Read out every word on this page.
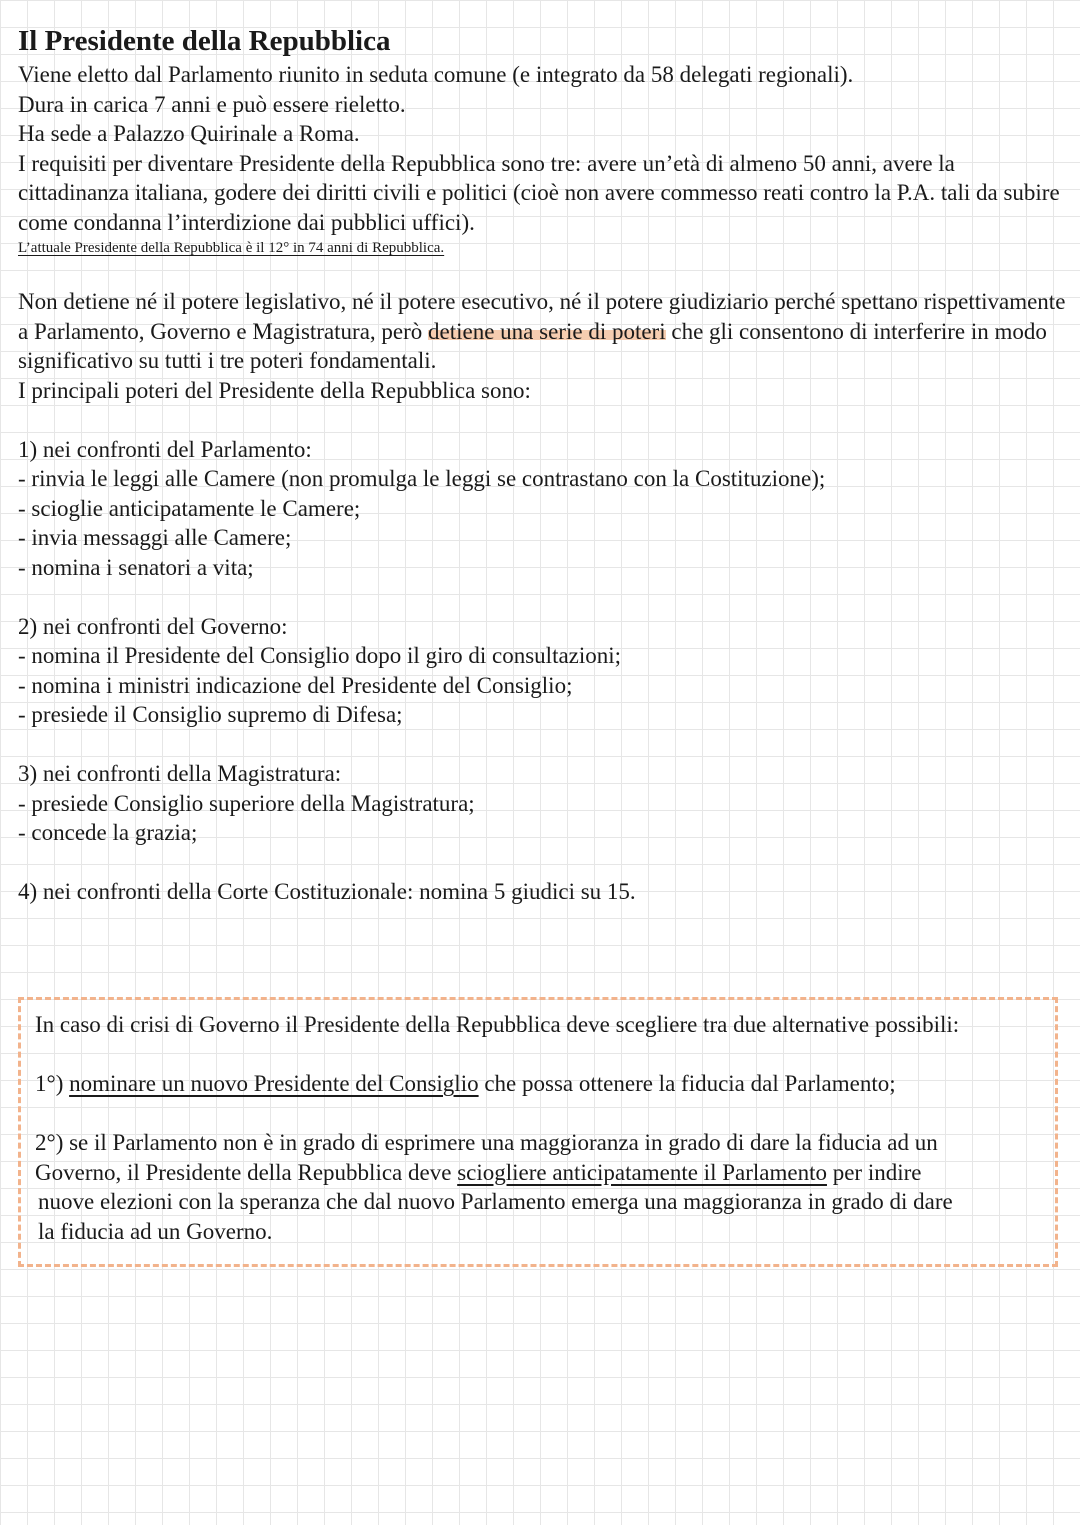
Il Presidente della Repubblica

Viene eletto dal Parlamento riunito in seduta comune (e integrato da 58 delegati regionali).

Dura in carica 7 anni e può essere rieletto.

Ha sede a Palazzo Quirinale a Roma.

I requisiti per diventare Presidente della Repubblica sono tre: avere un’età di almeno 50 anni, avere la cittadinanza italiana, godere dei diritti civili e politici (cioè non avere commesso reati contro la P.A. tali da subire come condanna l’interdizione dai pubblici uffici).

L’attuale Presidente della Repubblica è il 12° in 74 anni di Repubblica.

Non detiene né il potere legislativo, né il potere esecutivo, né il potere giudiziario perché spettano rispettivamente a Parlamento, Governo e Magistratura, però detiene una serie di poteri che gli consentono di interferire in modo significativo su tutti i tre poteri fondamentali.

I principali poteri del Presidente della Repubblica sono:

1) nei confronti del Parlamento:

- rinvia le leggi alle Camere (non promulga le leggi se contrastano con la Costituzione);

- scioglie anticipatamente le Camere;

- invia messaggi alle Camere;

- nomina i senatori a vita;

2) nei confronti del Governo:

- nomina il Presidente del Consiglio dopo il giro di consultazioni;

- nomina i ministri indicazione del Presidente del Consiglio;

- presiede il Consiglio supremo di Difesa;

3) nei confronti della Magistratura:

- presiede Consiglio superiore della Magistratura;

- concede la grazia;

4) nei confronti della Corte Costituzionale: nomina 5 giudici su 15.

In caso di crisi di Governo il Presidente della Repubblica deve scegliere tra due alternative possibili:

1°) nominare un nuovo Presidente del Consiglio che possa ottenere la fiducia dal Parlamento;

2°) se il Parlamento non è in grado di esprimere una maggioranza in grado di dare la fiducia ad un

Governo, il Presidente della Repubblica deve sciogliere anticipatamente il Parlamento per indire

nuove elezioni con la speranza che dal nuovo Parlamento emerga una maggioranza in grado di dare

la fiducia ad un Governo.
